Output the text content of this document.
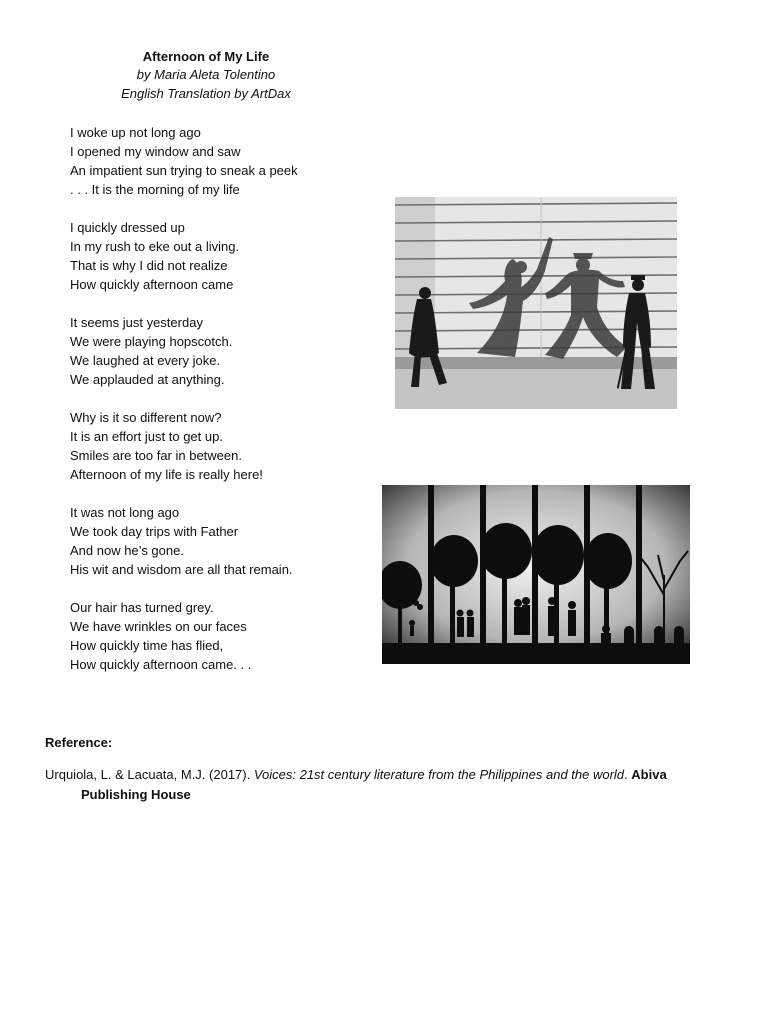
Afternoon of My Life
by Maria Aleta Tolentino
English Translation by ArtDax
I woke up not long ago
I opened my window and saw
An impatient sun trying to sneak a peek
. . . It is the morning of my life
I quickly dressed up
In my rush to eke out a living.
That is why I did not realize
How quickly afternoon came
It seems just yesterday
We were playing hopscotch.
We laughed at every joke.
We applauded at anything.
Why is it so different now?
It is an effort just to get up.
Smiles are too far in between.
Afternoon of my life is really here!
It was not long ago
We took day trips with Father
And now he’s gone.
His wit and wisdom are all that remain.
Our hair has turned grey.
We have wrinkles on our faces
How quickly time has flied,
How quickly afternoon came. . .
Reference:
Urquiola, L. & Lacuata, M.J. (2017). Voices: 21st century literature from the Philippines and the world. Abiva
Publishing House
